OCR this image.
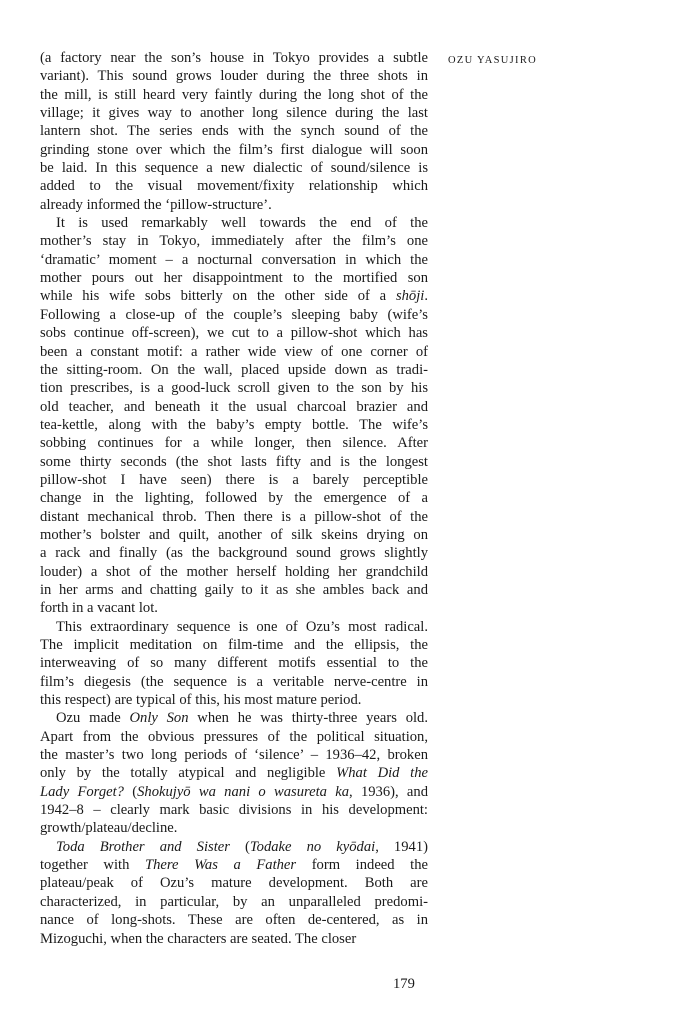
OZU YASUJIRO
(a factory near the son’s house in Tokyo provides a subtle
variant). This sound grows louder during the three shots in
the mill, is still heard very faintly during the long shot of the
village; it gives way to another long silence during the last
lantern shot. The series ends with the synch sound of the
grinding stone over which the film’s first dialogue will soon
be laid. In this sequence a new dialectic of sound/silence is
added to the visual movement/fixity relationship which
already informed the ‘pillow-structure’.
It is used remarkably well towards the end of the
mother’s stay in Tokyo, immediately after the film’s one
‘dramatic’ moment – a nocturnal conversation in which the
mother pours out her disappointment to the mortified son
while his wife sobs bitterly on the other side of a shōji.
Following a close-up of the couple’s sleeping baby (wife’s
sobs continue off-screen), we cut to a pillow-shot which has
been a constant motif: a rather wide view of one corner of
the sitting-room. On the wall, placed upside down as tradi-
tion prescribes, is a good-luck scroll given to the son by his
old teacher, and beneath it the usual charcoal brazier and
tea-kettle, along with the baby’s empty bottle. The wife’s
sobbing continues for a while longer, then silence. After
some thirty seconds (the shot lasts fifty and is the longest
pillow-shot I have seen) there is a barely perceptible
change in the lighting, followed by the emergence of a
distant mechanical throb. Then there is a pillow-shot of the
mother’s bolster and quilt, another of silk skeins drying on
a rack and finally (as the background sound grows slightly
louder) a shot of the mother herself holding her grandchild
in her arms and chatting gaily to it as she ambles back and
forth in a vacant lot.
This extraordinary sequence is one of Ozu’s most radical.
The implicit meditation on film-time and the ellipsis, the
interweaving of so many different motifs essential to the
film’s diegesis (the sequence is a veritable nerve-centre in
this respect) are typical of this, his most mature period.
Ozu made Only Son when he was thirty-three years old.
Apart from the obvious pressures of the political situation,
the master’s two long periods of ‘silence’ – 1936–42, broken
only by the totally atypical and negligible What Did the
Lady Forget? (Shokujyō wa nani o wasureta ka, 1936), and
1942–8 – clearly mark basic divisions in his development:
growth/plateau/decline.
Toda Brother and Sister (Todake no kyōdai, 1941)
together with There Was a Father form indeed the
plateau/peak of Ozu’s mature development. Both are
characterized, in particular, by an unparalleled predomi-
nance of long-shots. These are often de-centered, as in
Mizoguchi, when the characters are seated. The closer
179
